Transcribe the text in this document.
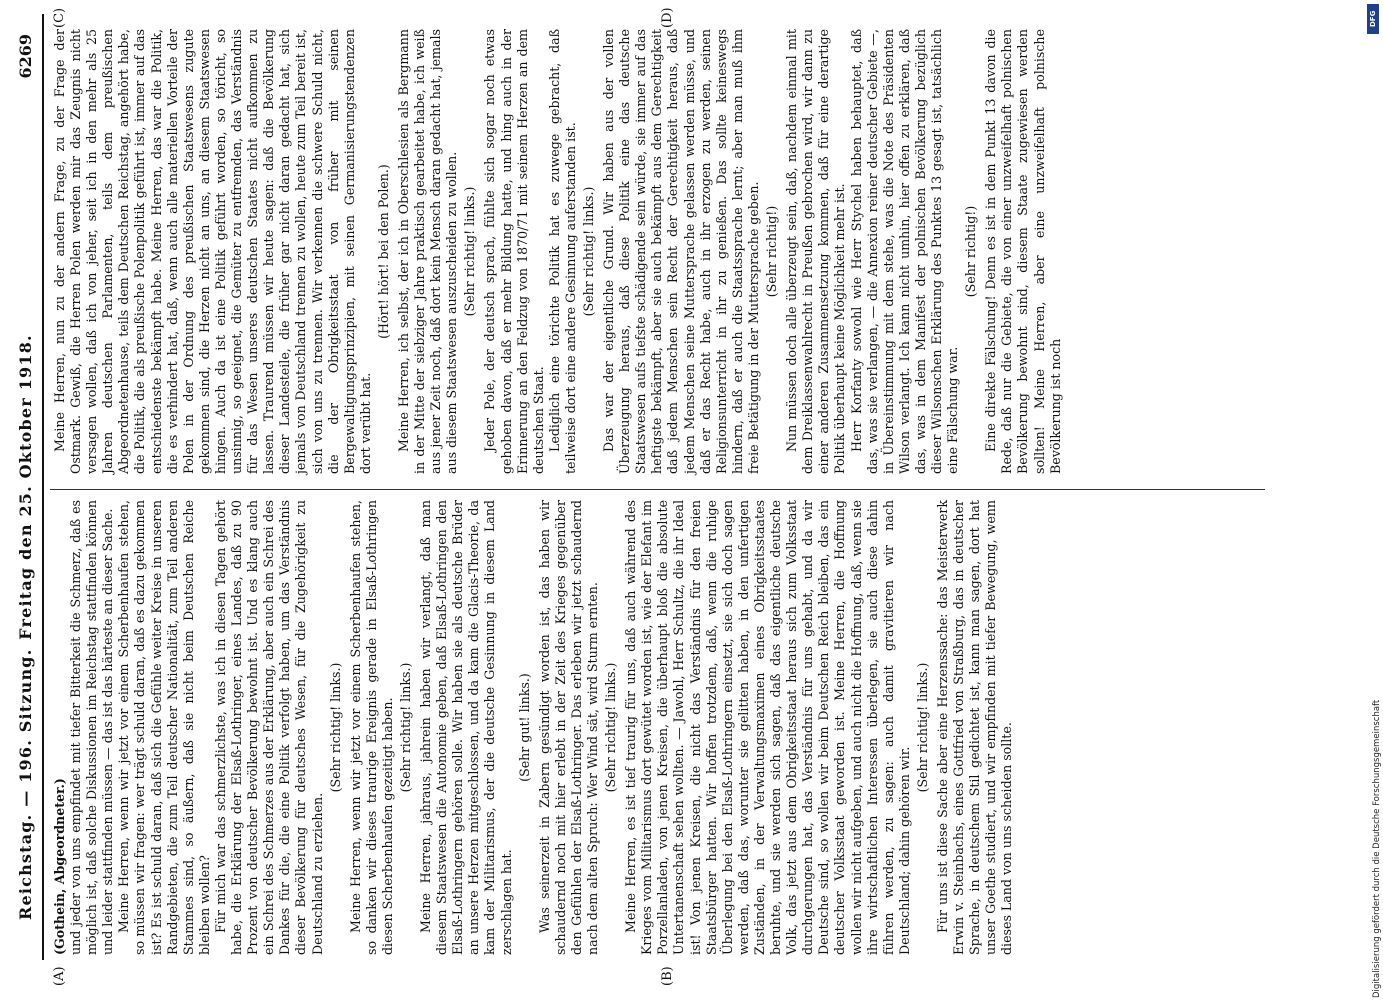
Reichstag. — 196. Sitzung.
Freitag den 25. Oktober 1918.
6269
(A)	(B)
(C)	(D)

(Gothein, Abgeordneter.) und jeder von uns empfindet mit tiefer Bitterkeit die Schmerz, daß es möglich ist, daß solche Diskussionen im Reichstag stattfinden können und leider stattfinden müssen — das ist das härteste an dieser Sache. Meine Herren, wenn wir jetzt vor einem Scherbenhaufen stehen, so müssen wir fragen: wer trägt schuld daran, daß es dazu gekommen ist? Es ist schuld daran, daß sich die Gefühle weiter Kreise in unseren Randgebieten, die zum Teil deutscher Nationalität, zum Teil anderen Stammes sind, so äußern, daß sie nicht beim Deutschen Reiche bleiben wollen? Für mich war das schmerzlichste, was ich in diesen Tagen gehört habe, die Erklärung der Elsaß-Lothringer, eines Landes, daß zu 90 Prozent von deutscher Bevölkerung bewohnt ist. Und es klang auch ein Schrei des Schmerzes aus der Erklärung, aber auch ein Schrei des Dankes für die, die eine Politik verfolgt haben, um das Verständnis dieser Bevölkerung für deutsches Wesen, für die Zugehörigkeit zu Deutschland zu erziehen.

(Sehr richtig! links.) Meine Herren, wenn wir jetzt vor einem Scherbenhaufen stehen, so danken wir dieses traurige Ereignis gerade in Elsaß-Lothringen diesen Scherbenhaufen gezeitigt haben. (Sehr richtig! links.) Meine Herren, jahraus, jahrein haben wir verlangt, daß man diesem Staatswesen die Autonomie geben, daß Elsaß-Lothringen den Elsaß-Lothringern gehören solle. Wir haben sie als deutsche Brüder an unsere Herzen mitgeschlossen, und da kam die Glacis-Theorie, da kam der Militarismus, der die deutsche Gesinnung in diesem Land zerschlagen hat.

(Sehr gut! links.) Was seinerzeit in Zabern gesündigt worden ist, das haben wir schaudernd noch mit hier erlebt in der Zeit des Krieges gegenüber den Gefühlen der Elsaß-Lothringer. Das erleben wir jetzt schaudernd nach dem alten Spruch: Wer Wind sät, wird Sturm ernten. (Sehr richtig! links.) Meine Herren, es ist tief traurig für uns, daß auch während des Krieges vom Militarismus dort gewütet worden ist, wie der Elefant im Porzellanladen, von jenen Kreisen, die überhaupt bloß die absolute Untertanenschaft sehen wollten. — Jawohl, Herr Schultz, die ihr Ideal ist! Von jenen Kreisen, die nicht das Verständnis für den freien Staatsbürger hatten. Wir hoffen trotzdem, daß, wenn die ruhige Überlegung bei den Elsaß-Lothringern einsetzt, sie sich doch sagen werden, daß das, worunter sie gelitten haben, in den unfertigen Zuständen, in der Verwaltungsmaximen eines Obrigkeitsstaates beruhte, und sie werden sich sagen, daß das eigentliche deutsche Volk, das jetzt aus dem Obrigkeitsstaat heraus sich zum Volksstaat durchgerungen hat, das Verständnis für uns gehabt, und da wir Deutsche sind, so wollen wir beim Deutschen Reich bleiben, das ein deutscher Volksstaat geworden ist. Meine Herren, die Hoffnung wollen wir nicht aufgeben, und auch nicht die Hoffnung, daß, wenn sie ihre wirtschaftlichen Interessen überlegen, sie auch diese dahin führen werden, zu sagen: auch damit gravitieren wir nach Deutschland; dahin gehören wir.

(Sehr richtig! links.) Für uns ist diese Sache aber eine Herzenssache: das Meisterwerk Erwin v. Steinbachs, eines Gottfried von Straßburg, das in deutscher Sprache, in deutschem Stil gedichtet ist, kann man sagen, dort hat unser Goethe studiert, und wir empfinden mit tiefer Bewegung, wenn dieses Land von uns scheiden sollte.

Meine Herren, nun zu der andern Frage, zu der Frage der Ostmark. Gewiß, die Herren Polen werden mir das Zeugnis nicht versagen wollen, daß ich von jeher, seit ich in den mehr als 25 Jahren deutschen Parlamenten, teils dem preußischen Abgeordnetenhause, teils dem Deutschen Reichstag, angehört habe, die Politik, die als preußische Polenpolitik geführt ist, immer auf das entschiedenste bekämpft habe. Meine Herren, das war die Politik, die es verhindert hat, daß, wenn auch alle materiellen Vorteile der Polen in der Ordnung des preußischen Staatswesens zugute gekommen sind, die Herzen nicht an uns, an diesem Staatswesen hingen. Auch da ist eine Politik geführt worden, so töricht, so unsinnig, so geeignet, die Gemüter zu entfremden, das Verständnis für das Wesen unseres deutschen Staates nicht aufkommen zu lassen. Traurend müssen wir heute sagen: daß die Bevölkerung dieser Landesteile, die früher gar nicht daran gedacht hat, sich jemals von Deutschland trennen zu wollen, heute zum Teil bereit ist, sich von uns zu trennen. Wir verkennen die schwere Schuld nicht, die der Obrigkeitsstaat von früher mit seinen Bergewaltigungsprinzipien, mit seinen Germanisierungstendenzen dort verübt hat.

(Hört! hört! bei den Polen.) Meine Herren, ich selbst, der ich in Oberschlesien als Bergmann in der Mitte der siebziger Jahre praktisch gearbeitet habe, ich weiß aus jener Zeit noch, daß dort kein Mensch daran gedacht hat, jemals aus diesem Staatswesen auszuscheiden zu wollen. (Sehr richtig! links.) Jeder Pole, der deutsch sprach, fühlte sich sogar noch etwas gehoben davon, daß er mehr Bildung hatte, und hing auch in der Erinnerung an den Feldzug von 1870/71 mit seinem Herzen an dem deutschen Staat. Lediglich eine törichte Politik hat es zuwege gebracht, daß teilweise dort eine andere Gesinnung auferstanden ist. (Sehr richtig! links.) Das war der eigentliche Grund. Wir haben aus der vollen Überzeugung heraus, daß diese Politik eine das deutsche Staatswesen aufs tiefste schädigende sein würde, sie immer auf das heftigste bekämpft, aber sie auch bekämpft aus dem Gerechtigkeit daß jedem Menschen sein Recht der Gerechtigkeit heraus, daß jedem Menschen seine Muttersprache gelassen werden müsse, und daß er das Recht habe, auch in ihr erzogen zu werden, seinen Religionsunterricht in ihr zu genießen. Das sollte keineswegs hindern, daß er auch die Staatssprache lernt; aber man muß ihm freie Betätigung in der Muttersprache geben. (Sehr richtig!) Nun müssen doch alle überzeugt sein, daß, nachdem einmal mit dem Dreiklassenwahlrecht in Preußen gebrochen wird, wir dann zu einer anderen Zusammensetzung kommen, daß für eine derartige Politik überhaupt keine Möglichkeit mehr ist. Herr Korfanty sowohl wie Herr Stychel haben behauptet, daß das, was sie verlangen, — die Annexion reiner deutscher Gebiete —, in Übereinstimmung mit dem stehe, was die Note des Präsidenten Wilson verlangt. Ich kann nicht umhin, hier offen zu erklären, daß das, was in dem Manifest der polnischen Bevölkerung bezüglich dieser Wilsonschen Erklärung des Punktes 13 gesagt ist, tatsächlich eine Fälschung war.

(Sehr richtig!) Eine direkte Fälschung! Denn es ist in dem Punkt 13 davon die Rede, daß nur die Gebiete, die von einer unzweifelhaft polnischen Bevölkerung bewohnt sind, diesem Staate zugewiesen werden sollten! Meine Herren, aber eine unzweifelhaft polnische Bevölkerung ist noch

Digitalisierung gefördert durch die Deutsche Forschungsgemeinschaft
DFG
